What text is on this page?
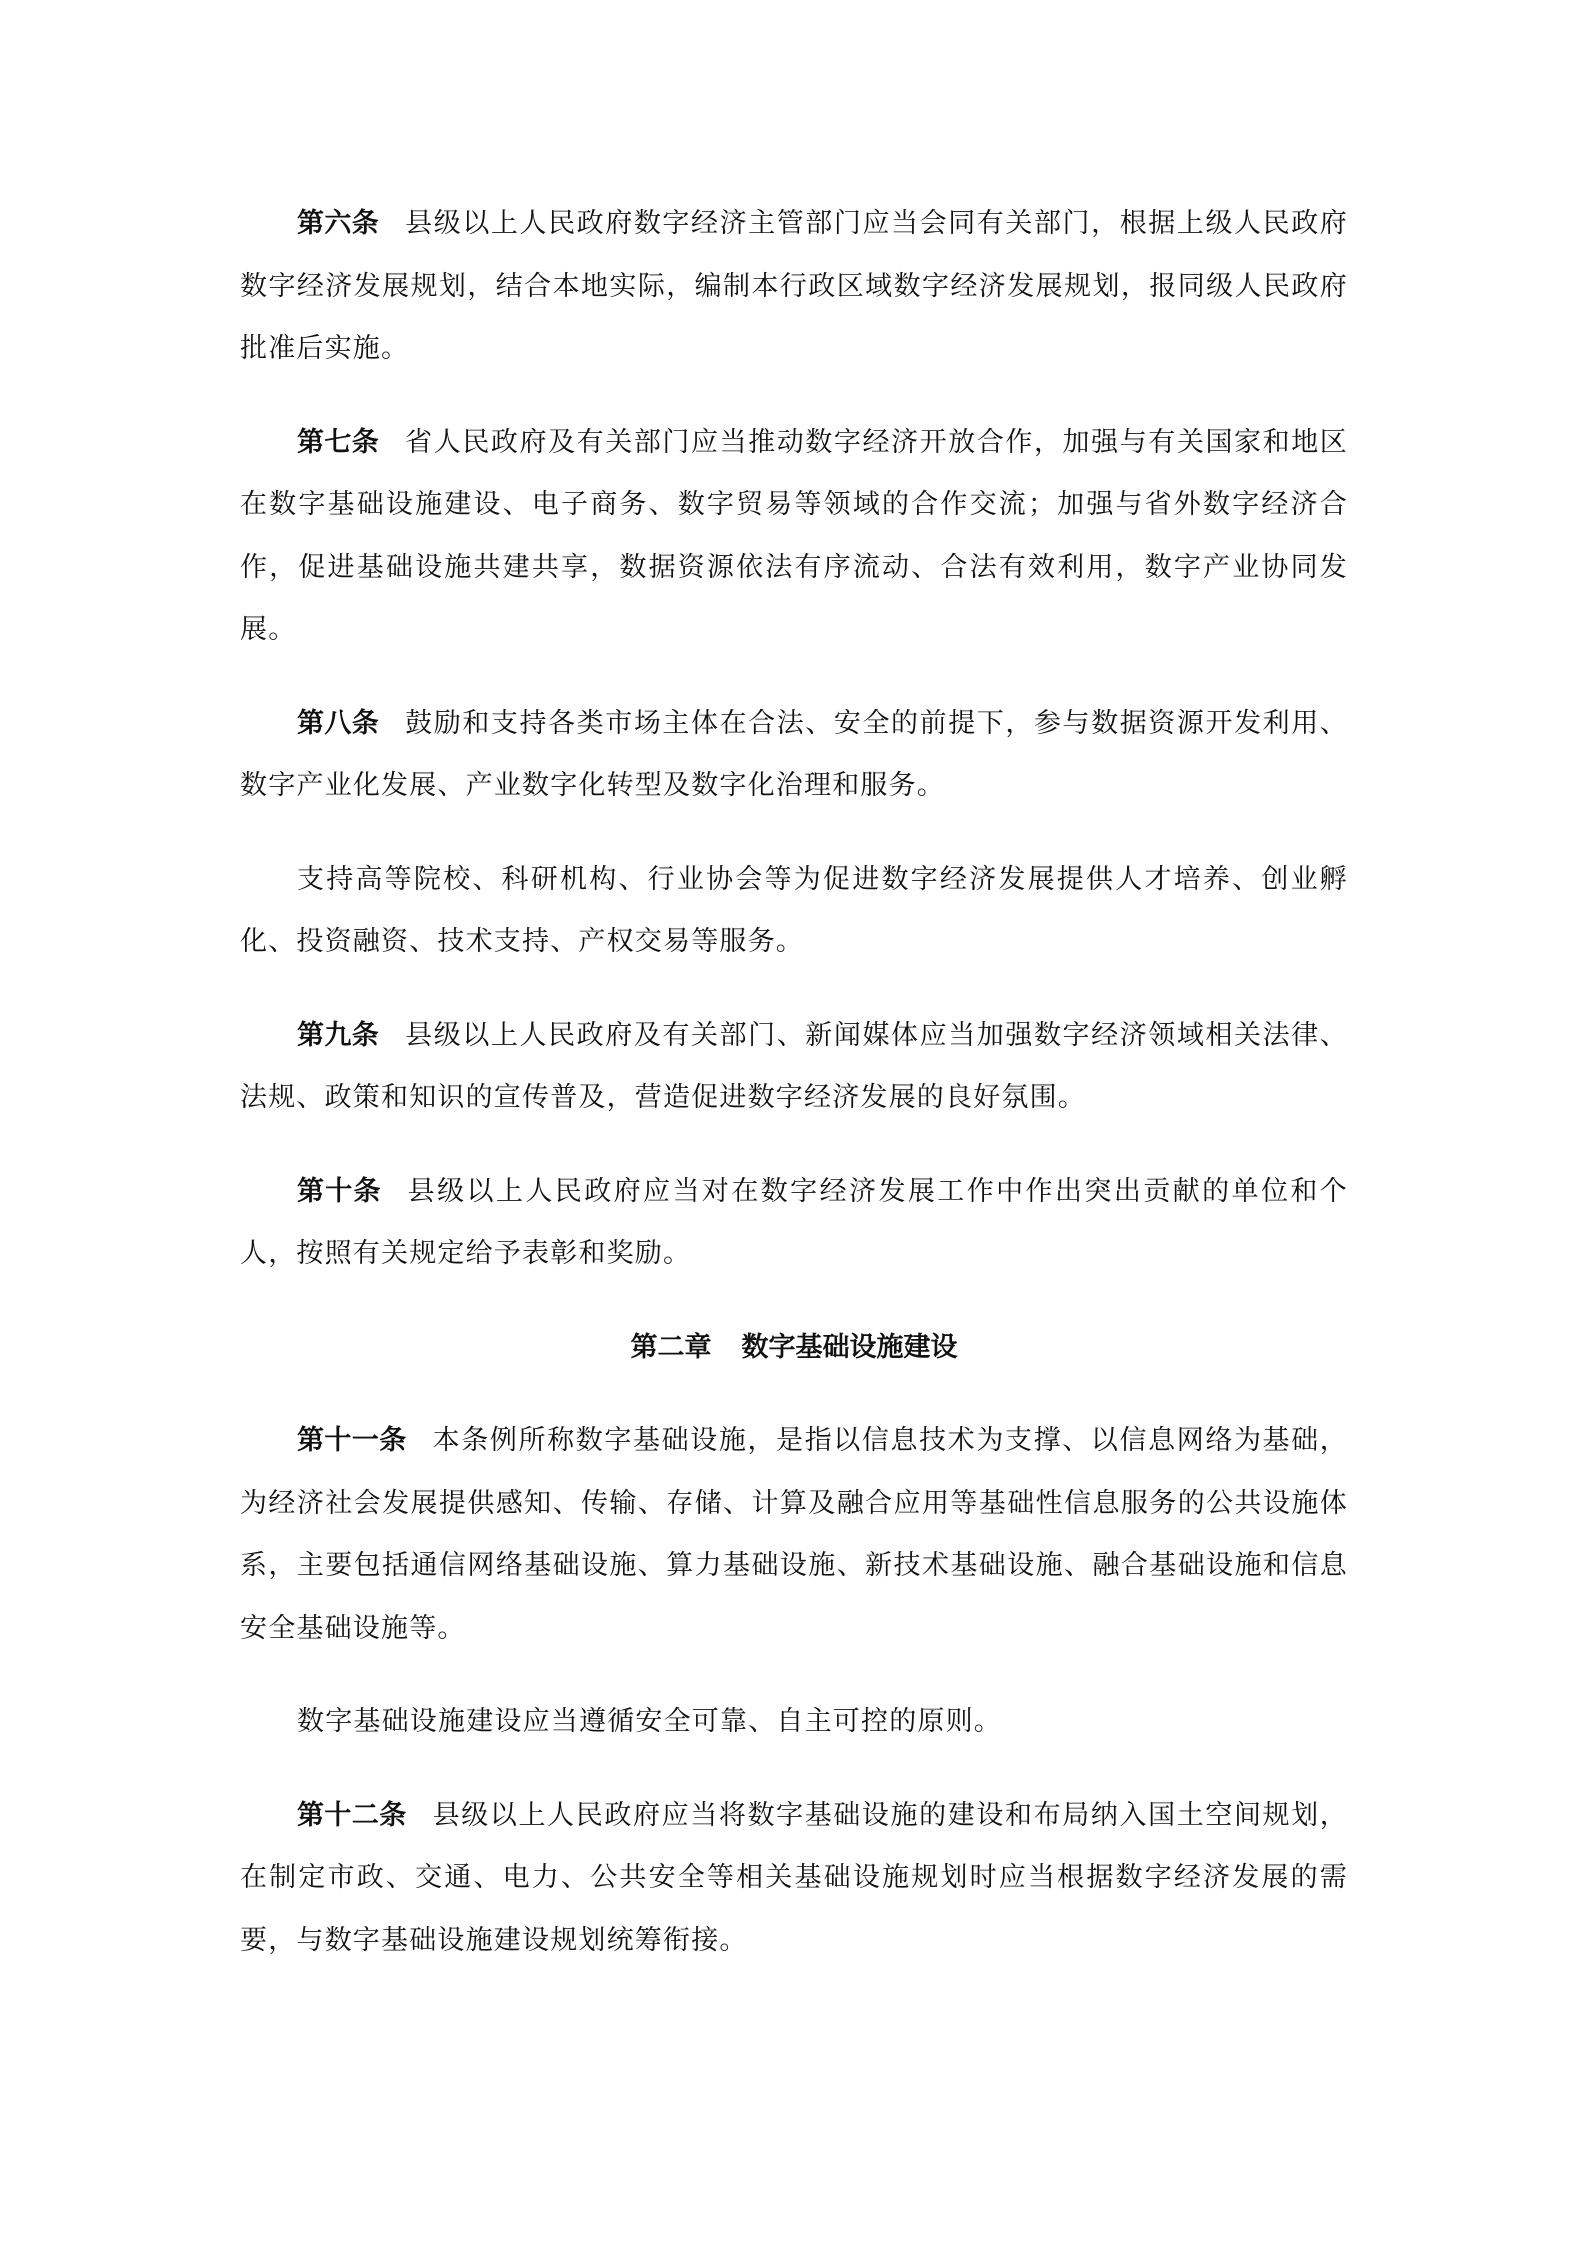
第六条 县级以上人民政府数字经济主管部门应当会同有关部门，根据上级人民政府数字经济发展规划，结合本地实际，编制本行政区域数字经济发展规划，报同级人民政府批准后实施。

第七条 省人民政府及有关部门应当推动数字经济开放合作，加强与有关国家和地区在数字基础设施建设、电子商务、数字贸易等领域的合作交流；加强与省外数字经济合作，促进基础设施共建共享，数据资源依法有序流动、合法有效利用，数字产业协同发展。

第八条 鼓励和支持各类市场主体在合法、安全的前提下，参与数据资源开发利用、数字产业化发展、产业数字化转型及数字化治理和服务。

支持高等院校、科研机构、行业协会等为促进数字经济发展提供人才培养、创业孵化、投资融资、技术支持、产权交易等服务。

第九条 县级以上人民政府及有关部门、新闻媒体应当加强数字经济领域相关法律、法规、政策和知识的宣传普及，营造促进数字经济发展的良好氛围。

第十条 县级以上人民政府应当对在数字经济发展工作中作出突出贡献的单位和个人，按照有关规定给予表彰和奖励。

第二章 数字基础设施建设

第十一条 本条例所称数字基础设施，是指以信息技术为支撑、以信息网络为基础，为经济社会发展提供感知、传输、存储、计算及融合应用等基础性信息服务的公共设施体系，主要包括通信网络基础设施、算力基础设施、新技术基础设施、融合基础设施和信息安全基础设施等。

数字基础设施建设应当遵循安全可靠、自主可控的原则。

第十二条 县级以上人民政府应当将数字基础设施的建设和布局纳入国土空间规划，在制定市政、交通、电力、公共安全等相关基础设施规划时应当根据数字经济发展的需要，与数字基础设施建设规划统筹衔接。
